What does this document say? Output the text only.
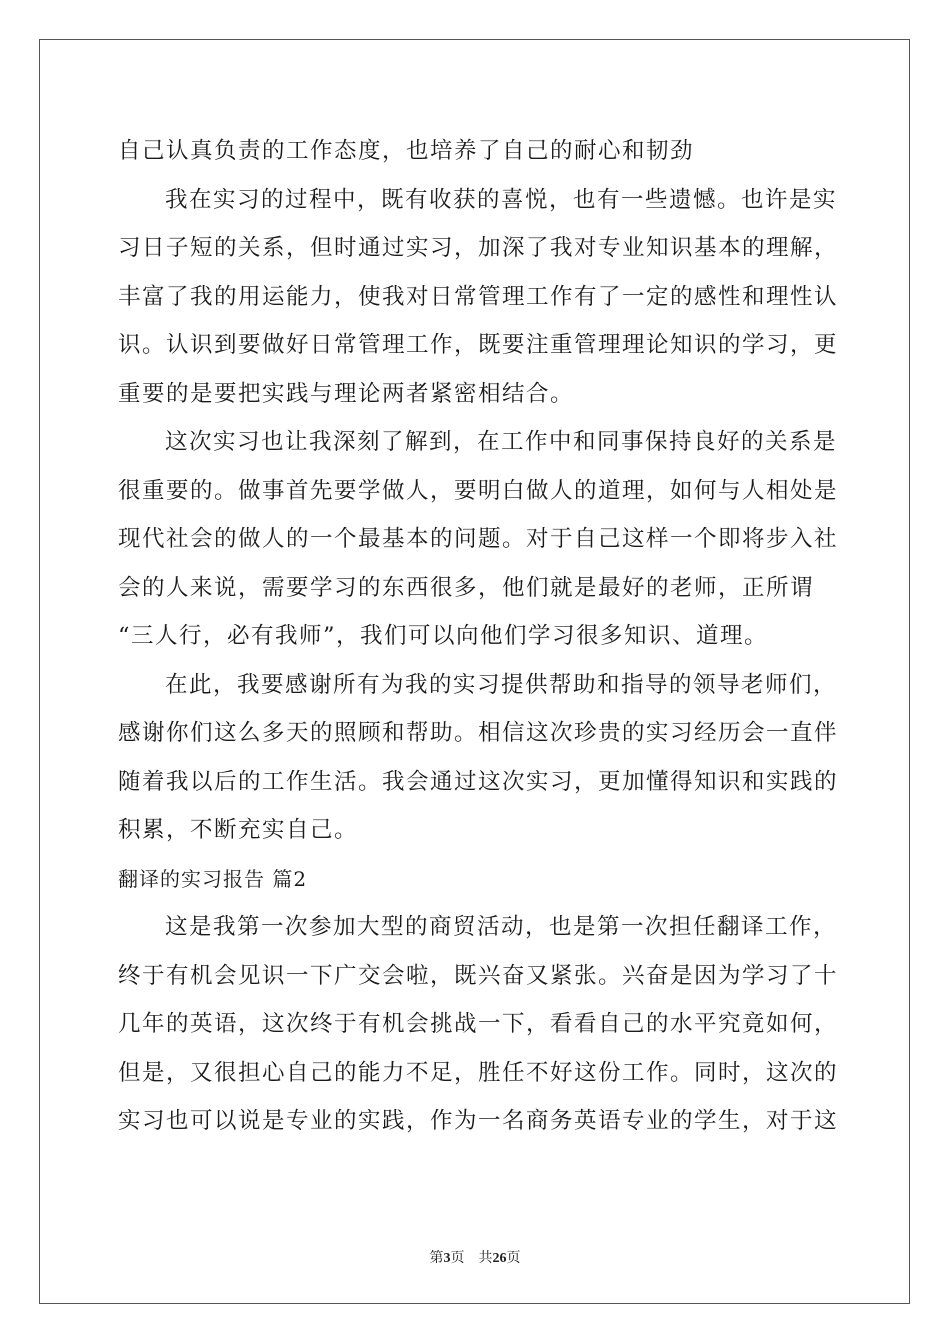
自己认真负责的工作态度，也培养了自己的耐心和韧劲
我在实习的过程中，既有收获的喜悦，也有一些遗憾。也许是实
习日子短的关系，但时通过实习，加深了我对专业知识基本的理解，
丰富了我的用运能力，使我对日常管理工作有了一定的感性和理性认
识。认识到要做好日常管理工作，既要注重管理理论知识的学习，更
重要的是要把实践与理论两者紧密相结合。
这次实习也让我深刻了解到，在工作中和同事保持良好的关系是
很重要的。做事首先要学做人，要明白做人的道理，如何与人相处是
现代社会的做人的一个最基本的问题。对于自己这样一个即将步入社
会的人来说，需要学习的东西很多，他们就是最好的老师，正所谓
“三人行，必有我师”，我们可以向他们学习很多知识、道理。
在此，我要感谢所有为我的实习提供帮助和指导的领导老师们，
感谢你们这么多天的照顾和帮助。相信这次珍贵的实习经历会一直伴
随着我以后的工作生活。我会通过这次实习，更加懂得知识和实践的
积累，不断充实自己。
翻译的实习报告 篇2
这是我第一次参加大型的商贸活动，也是第一次担任翻译工作，
终于有机会见识一下广交会啦，既兴奋又紧张。兴奋是因为学习了十
几年的英语，这次终于有机会挑战一下，看看自己的水平究竟如何，
但是，又很担心自己的能力不足，胜任不好这份工作。同时，这次的
实习也可以说是专业的实践，作为一名商务英语专业的学生，对于这
第3页 共26页
